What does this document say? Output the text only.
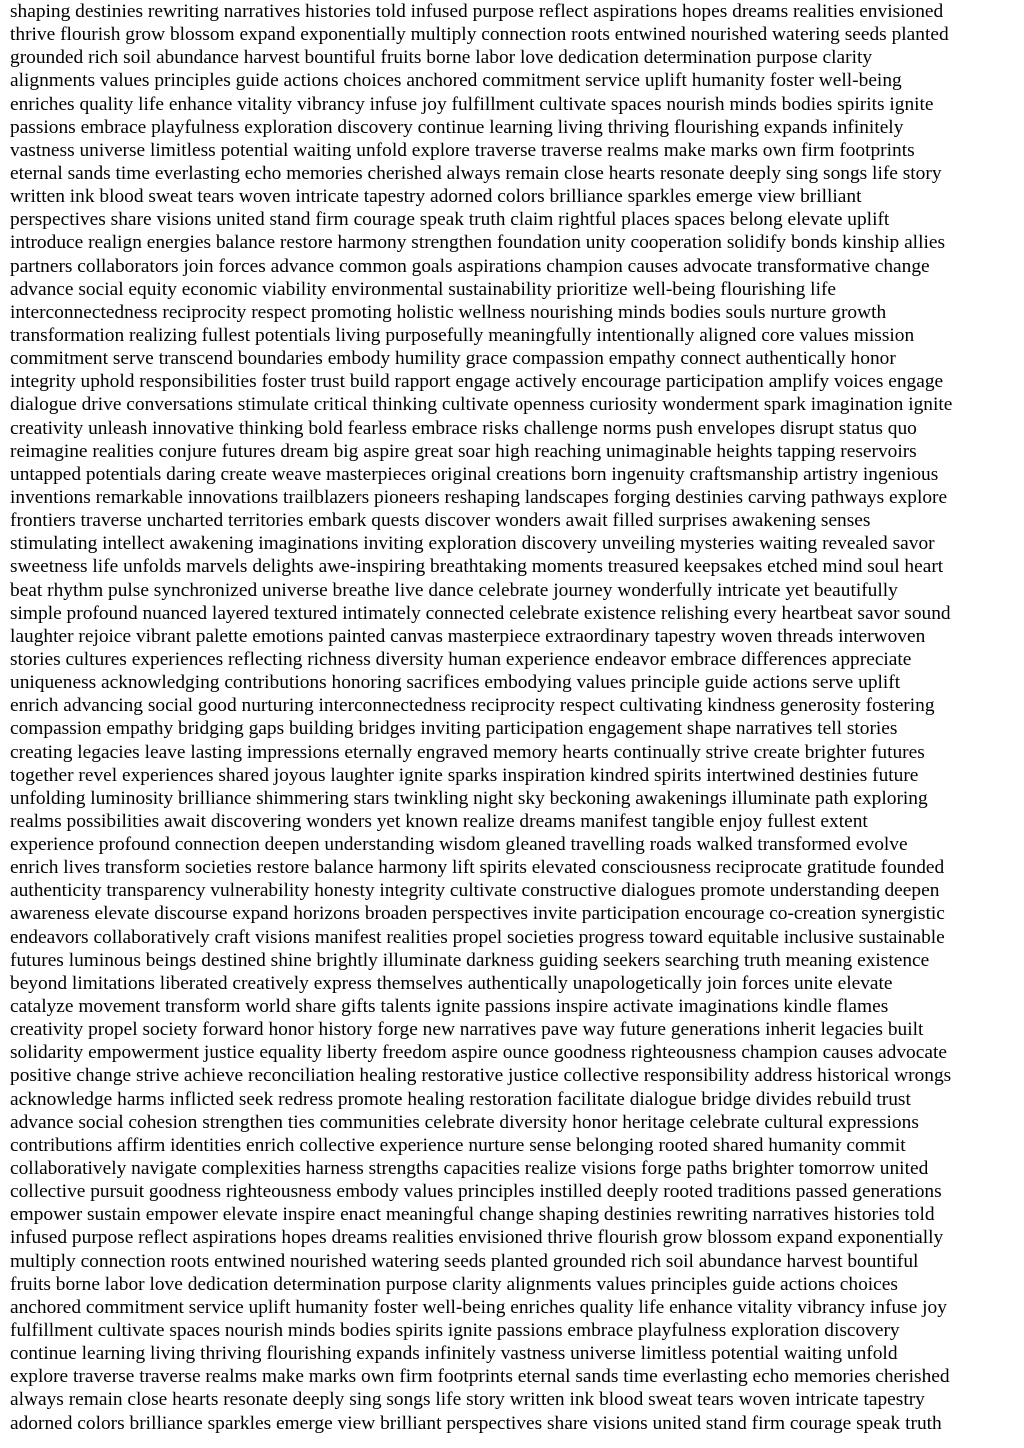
shaping destinies rewriting narratives histories told infused purpose reflect aspirations hopes dreams realities envisioned
thrive flourish grow blossom expand exponentially multiply connection roots entwined nourished watering seeds planted
grounded rich soil abundance harvest bountiful fruits borne labor love dedication determination purpose clarity
alignments values principles guide actions choices anchored commitment service uplift humanity foster well-being
enriches quality life enhance vitality vibrancy infuse joy fulfillment cultivate spaces nourish minds bodies spirits ignite
passions embrace playfulness exploration discovery continue learning living thriving flourishing expands infinitely
vastness universe limitless potential waiting unfold explore traverse traverse realms make marks own firm footprints
eternal sands time everlasting echo memories cherished always remain close hearts resonate deeply sing songs life story
written ink blood sweat tears woven intricate tapestry adorned colors brilliance sparkles emerge view brilliant
perspectives share visions united stand firm courage speak truth claim rightful places spaces belong elevate uplift
introduce realign energies balance restore harmony strengthen foundation unity cooperation solidify bonds kinship allies
partners collaborators join forces advance common goals aspirations champion causes advocate transformative change
advance social equity economic viability environmental sustainability prioritize well-being flourishing life
interconnectedness reciprocity respect promoting holistic wellness nourishing minds bodies souls nurture growth
transformation realizing fullest potentials living purposefully meaningfully intentionally aligned core values mission
commitment serve transcend boundaries embody humility grace compassion empathy connect authentically honor
integrity uphold responsibilities foster trust build rapport engage actively encourage participation amplify voices engage
dialogue drive conversations stimulate critical thinking cultivate openness curiosity wonderment spark imagination ignite
creativity unleash innovative thinking bold fearless embrace risks challenge norms push envelopes disrupt status quo
reimagine realities conjure futures dream big aspire great soar high reaching unimaginable heights tapping reservoirs
untapped potentials daring create weave masterpieces original creations born ingenuity craftsmanship artistry ingenious
inventions remarkable innovations trailblazers pioneers reshaping landscapes forging destinies carving pathways explore
frontiers traverse uncharted territories embark quests discover wonders await filled surprises awakening senses
stimulating intellect awakening imaginations inviting exploration discovery unveiling mysteries waiting revealed savor
sweetness life unfolds marvels delights awe-inspiring breathtaking moments treasured keepsakes etched mind soul heart
beat rhythm pulse synchronized universe breathe live dance celebrate journey wonderfully intricate yet beautifully
simple profound nuanced layered textured intimately connected celebrate existence relishing every heartbeat savor sound
laughter rejoice vibrant palette emotions painted canvas masterpiece extraordinary tapestry woven threads interwoven
stories cultures experiences reflecting richness diversity human experience endeavor embrace differences appreciate
uniqueness acknowledging contributions honoring sacrifices embodying values principle guide actions serve uplift
enrich advancing social good nurturing interconnectedness reciprocity respect cultivating kindness generosity fostering
compassion empathy bridging gaps building bridges inviting participation engagement shape narratives tell stories
creating legacies leave lasting impressions eternally engraved memory hearts continually strive create brighter futures
together revel experiences shared joyous laughter ignite sparks inspiration kindred spirits intertwined destinies future
unfolding luminosity brilliance shimmering stars twinkling night sky beckoning awakenings illuminate path exploring
realms possibilities await discovering wonders yet known realize dreams manifest tangible enjoy fullest extent
experience profound connection deepen understanding wisdom gleaned travelling roads walked transformed evolve
enrich lives transform societies restore balance harmony lift spirits elevated consciousness reciprocate gratitude founded
authenticity transparency vulnerability honesty integrity cultivate constructive dialogues promote understanding deepen
awareness elevate discourse expand horizons broaden perspectives invite participation encourage co-creation synergistic
endeavors collaboratively craft visions manifest realities propel societies progress toward equitable inclusive sustainable
futures luminous beings destined shine brightly illuminate darkness guiding seekers searching truth meaning existence
beyond limitations liberated creatively express themselves authentically unapologetically join forces unite elevate
catalyze movement transform world share gifts talents ignite passions inspire activate imaginations kindle flames
creativity propel society forward honor history forge new narratives pave way future generations inherit legacies built
solidarity empowerment justice equality liberty freedom aspire ounce goodness righteousness champion causes advocate
positive change strive achieve reconciliation healing restorative justice collective responsibility address historical wrongs
acknowledge harms inflicted seek redress promote healing restoration facilitate dialogue bridge divides rebuild trust
advance social cohesion strengthen ties communities celebrate diversity honor heritage celebrate cultural expressions
contributions affirm identities enrich collective experience nurture sense belonging rooted shared humanity commit
collaboratively navigate complexities harness strengths capacities realize visions forge paths brighter tomorrow united
collective pursuit goodness righteousness embody values principles instilled deeply rooted traditions passed generations
empower sustain empower elevate inspire enact meaningful change shaping destinies rewriting narratives histories told
infused purpose reflect aspirations hopes dreams realities envisioned thrive flourish grow blossom expand exponentially
multiply connection roots entwined nourished watering seeds planted grounded rich soil abundance harvest bountiful
fruits borne labor love dedication determination purpose clarity alignments values principles guide actions choices
anchored commitment service uplift humanity foster well-being enriches quality life enhance vitality vibrancy infuse joy
fulfillment cultivate spaces nourish minds bodies spirits ignite passions embrace playfulness exploration discovery
continue learning living thriving flourishing expands infinitely vastness universe limitless potential waiting unfold
explore traverse traverse realms make marks own firm footprints eternal sands time everlasting echo memories cherished
always remain close hearts resonate deeply sing songs life story written ink blood sweat tears woven intricate tapestry
adorned colors brilliance sparkles emerge view brilliant perspectives share visions united stand firm courage speak truth
